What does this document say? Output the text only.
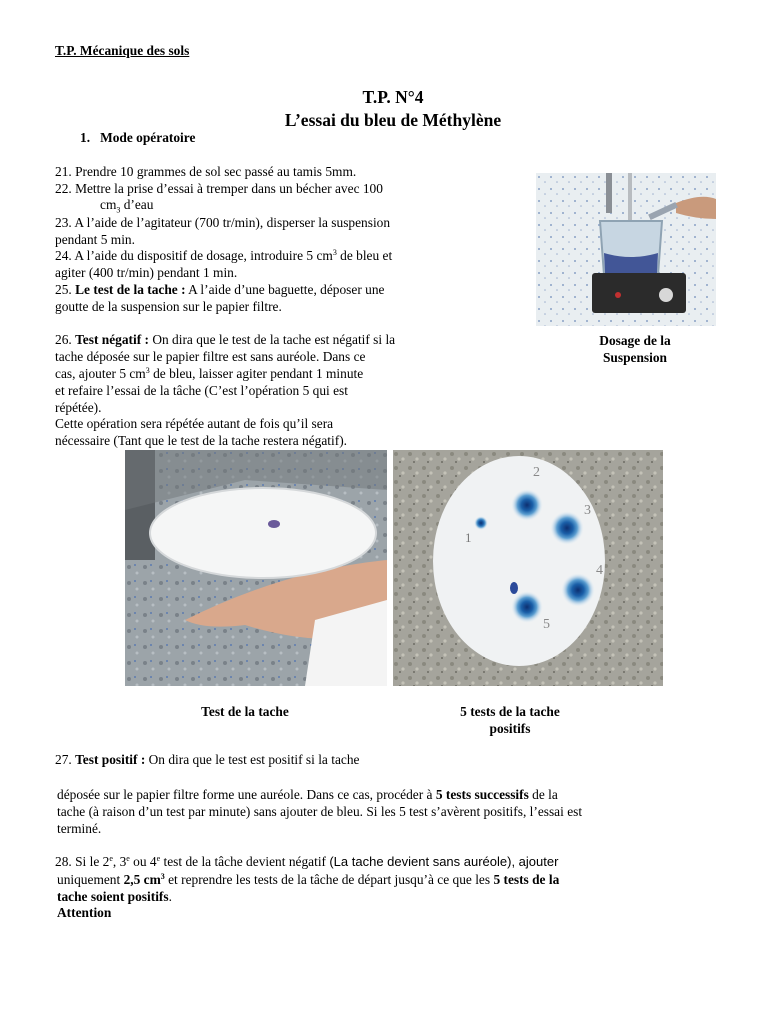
T.P. Mécanique des sols
T.P. N°4
L’essai du bleu de Méthylène
1. Mode opératoire
21. Prendre 10 grammes de sol sec passé au tamis 5mm.
22. Mettre la prise d’essai à tremper dans un bécher avec 100
$cm_3$ d’eau
23. A l’aide de l’agitateur (700 tr/min), disperser la suspension
pendant 5 min.
24. A l’aide du dispositif de dosage, introduire 5 $cm^3$ de bleu et
agiter (400 tr/min) pendant 1 min.
25. Le test de la tache : A l’aide d’une baguette, déposer une
goutte de la suspension sur le papier filtre.
26. Test négatif : On dira que le test de la tache est négatif si la
tache déposée sur le papier filtre est sans auréole. Dans ce
cas, ajouter 5 $cm^3$ de bleu, laisser agiter pendant 1 minute
et refaire l’essai de la tâche (C’est l’opération 5 qui est
répétée).
Cette opération sera répétée autant de fois qu’il sera
nécessaire (Tant que le test de la tache restera négatif).
Dosage de la
Suspension
Test de la tache
1
2
3
4
5
5 tests de la tache
positifs
27. Test positif : On dira que le test est positif si la tache
déposée sur le papier filtre forme une auréole. Dans ce cas, procéder à 5 tests successifs de la
tache (à raison d’un test par minute) sans ajouter de bleu. Si les 5 test s’avèrent positifs, l’essai est
terminé.
28. Si le 2e, 3e ou 4e test de la tâche devient négatif (La tache devient sans auréole), ajouter
uniquement 2,5 $cm^3$ et reprendre les tests de la tâche de départ jusqu’à ce que les 5 tests de la
tache soient positifs.
Attention
